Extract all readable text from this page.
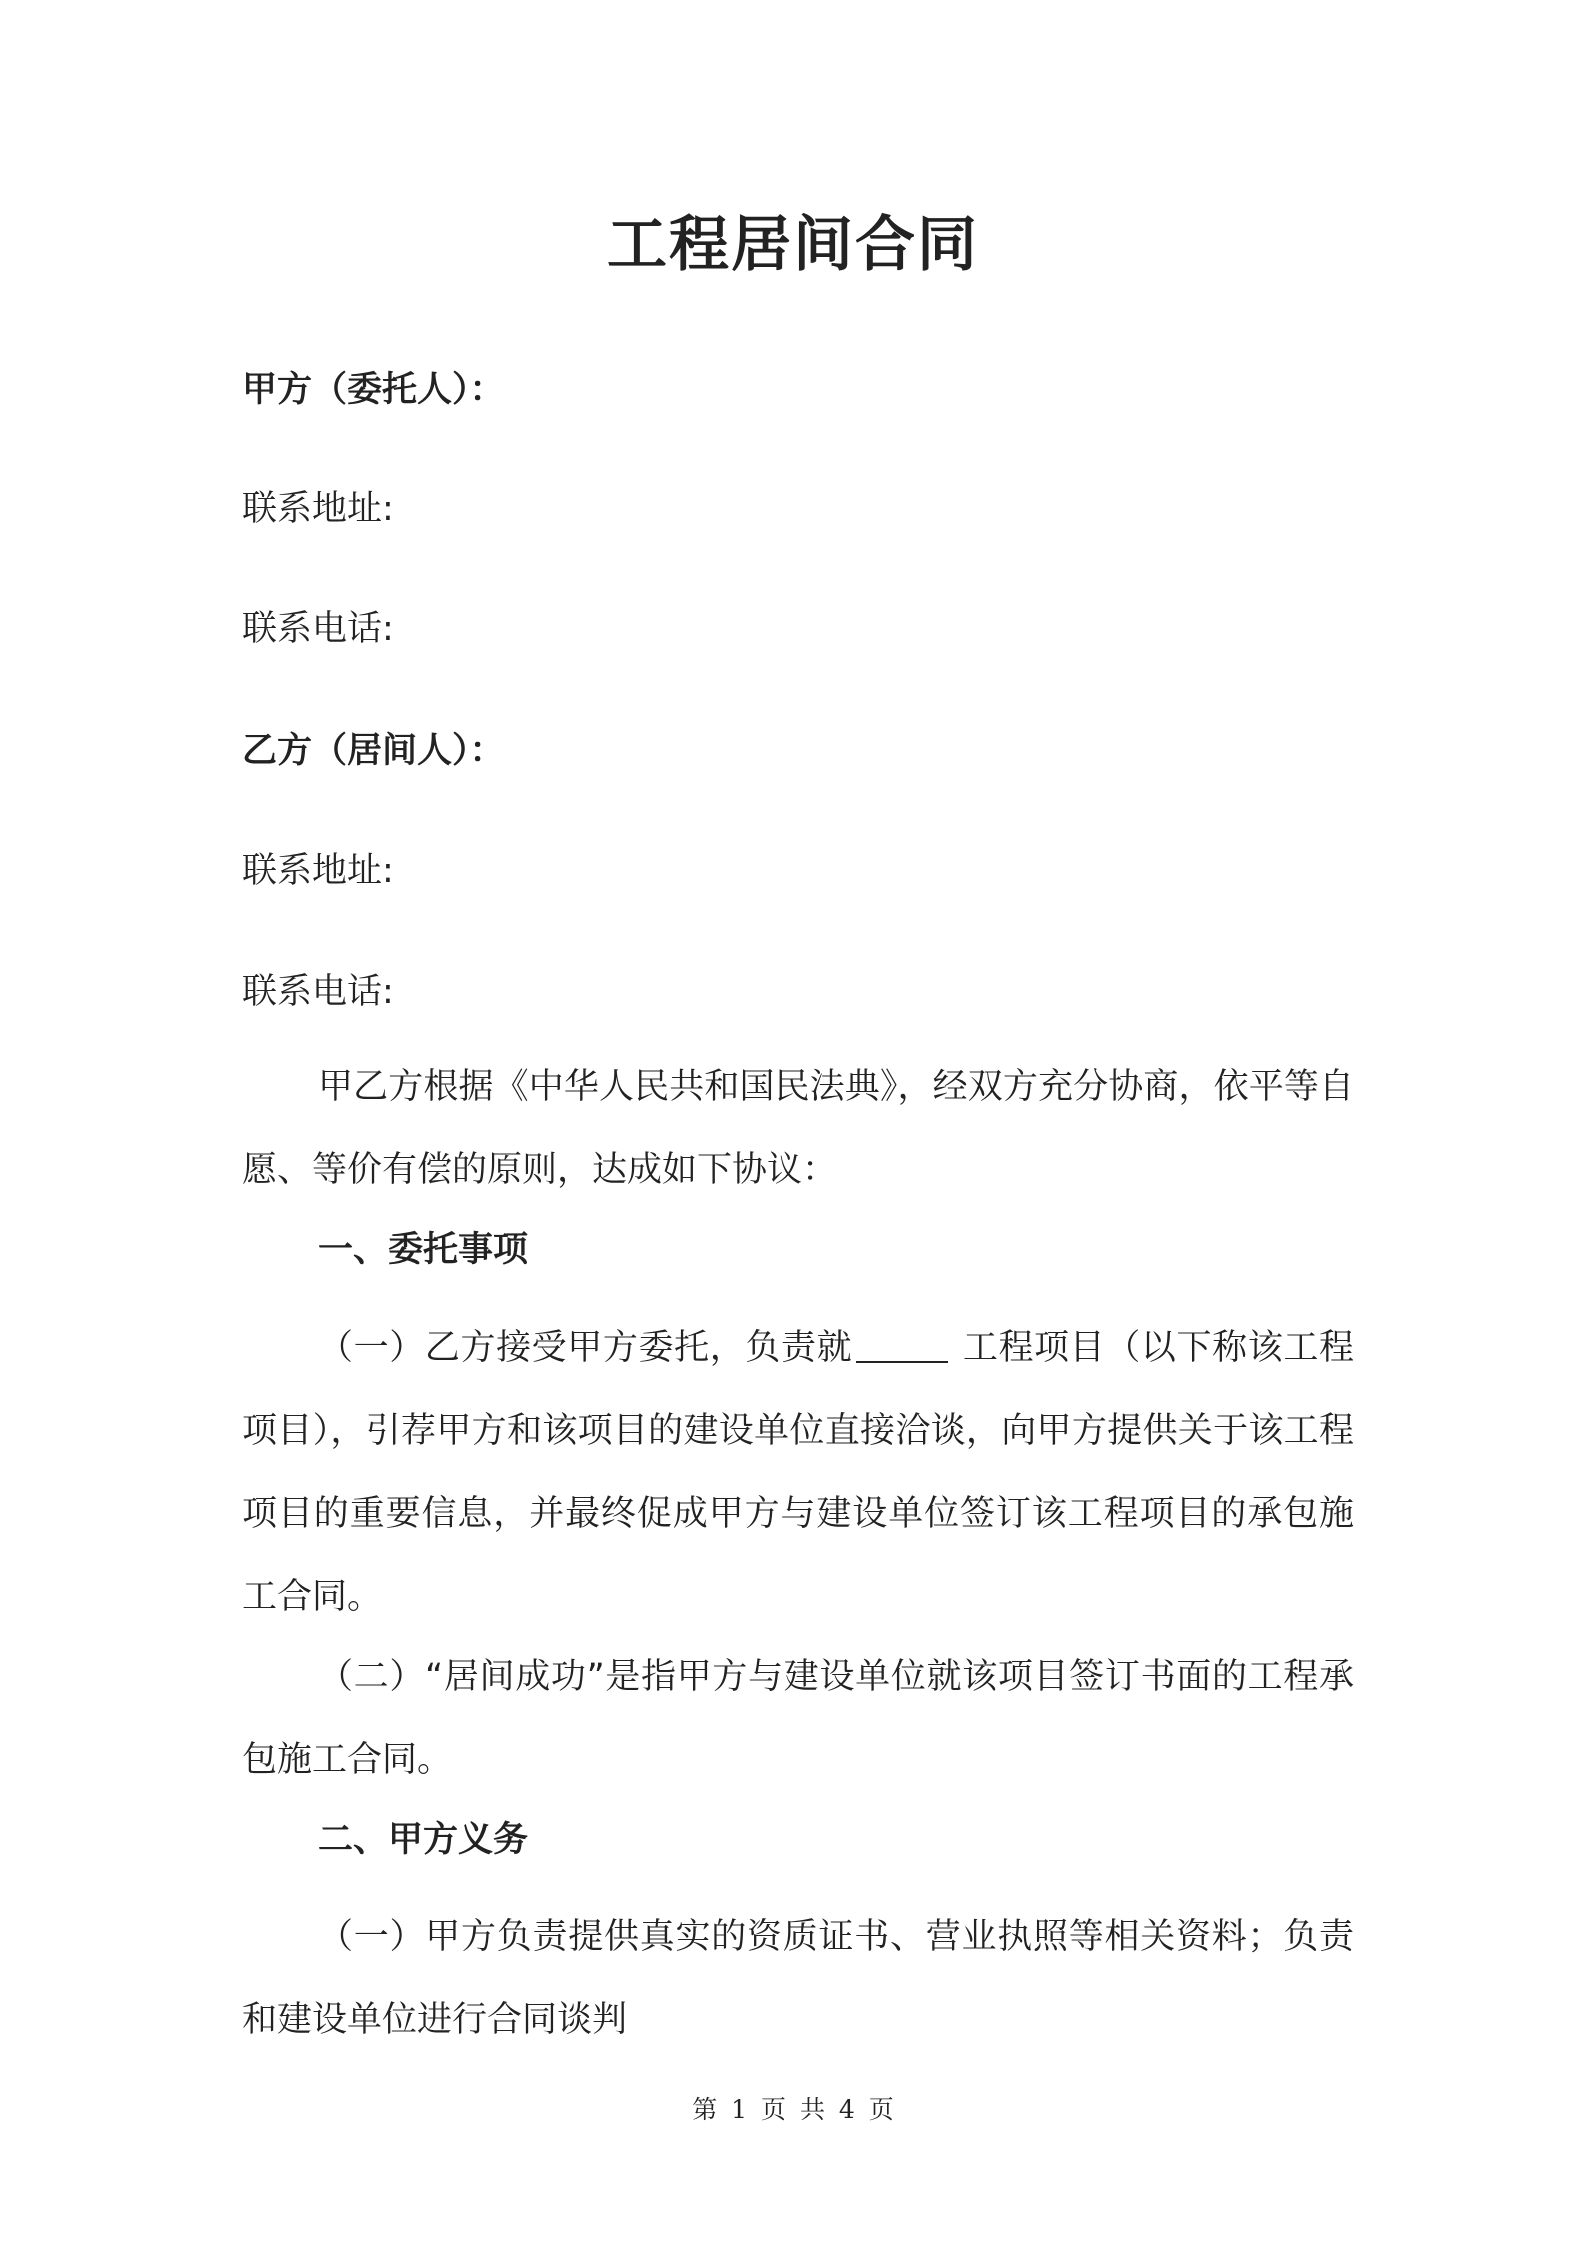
工程居间合同
甲方（委托人）：
联系地址:
联系电话:
乙方（居间人）：
联系地址:
联系电话:
甲乙方根据《中华人民共和国民法典》，经双方充分协商，依平等自愿、等价有偿的原则，达成如下协议：
一、委托事项
（一）乙方接受甲方委托，负责就	工程项目（以下称该工程项目），引荐甲方和该项目的建设单位直接洽谈，向甲方提供关于该工程项目的重要信息，并最终促成甲方与建设单位签订该工程项目的承包施工合同。
（二）“居间成功”是指甲方与建设单位就该项目签订书面的工程承包施工合同。
二、甲方义务
（一）甲方负责提供真实的资质证书、营业执照等相关资料；负责和建设单位进行合同谈判
第 1 页 共 4 页
